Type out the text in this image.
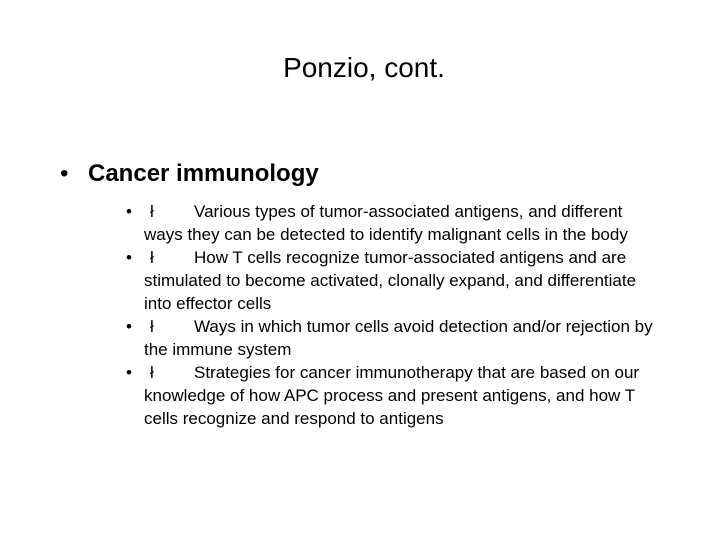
Ponzio, cont.
• Cancer immunology
•	ł Various types of tumor-associated antigens, and different ways they can be detected to identify malignant cells in the body
•	ł How T cells recognize tumor-associated antigens and are stimulated to become activated, clonally expand, and differentiate into effector cells
•	ł Ways in which tumor cells avoid detection and/or rejection by the immune system
•	ł Strategies for cancer immunotherapy that are based on our knowledge of how APC process and present antigens, and how T cells recognize and respond to antigens
